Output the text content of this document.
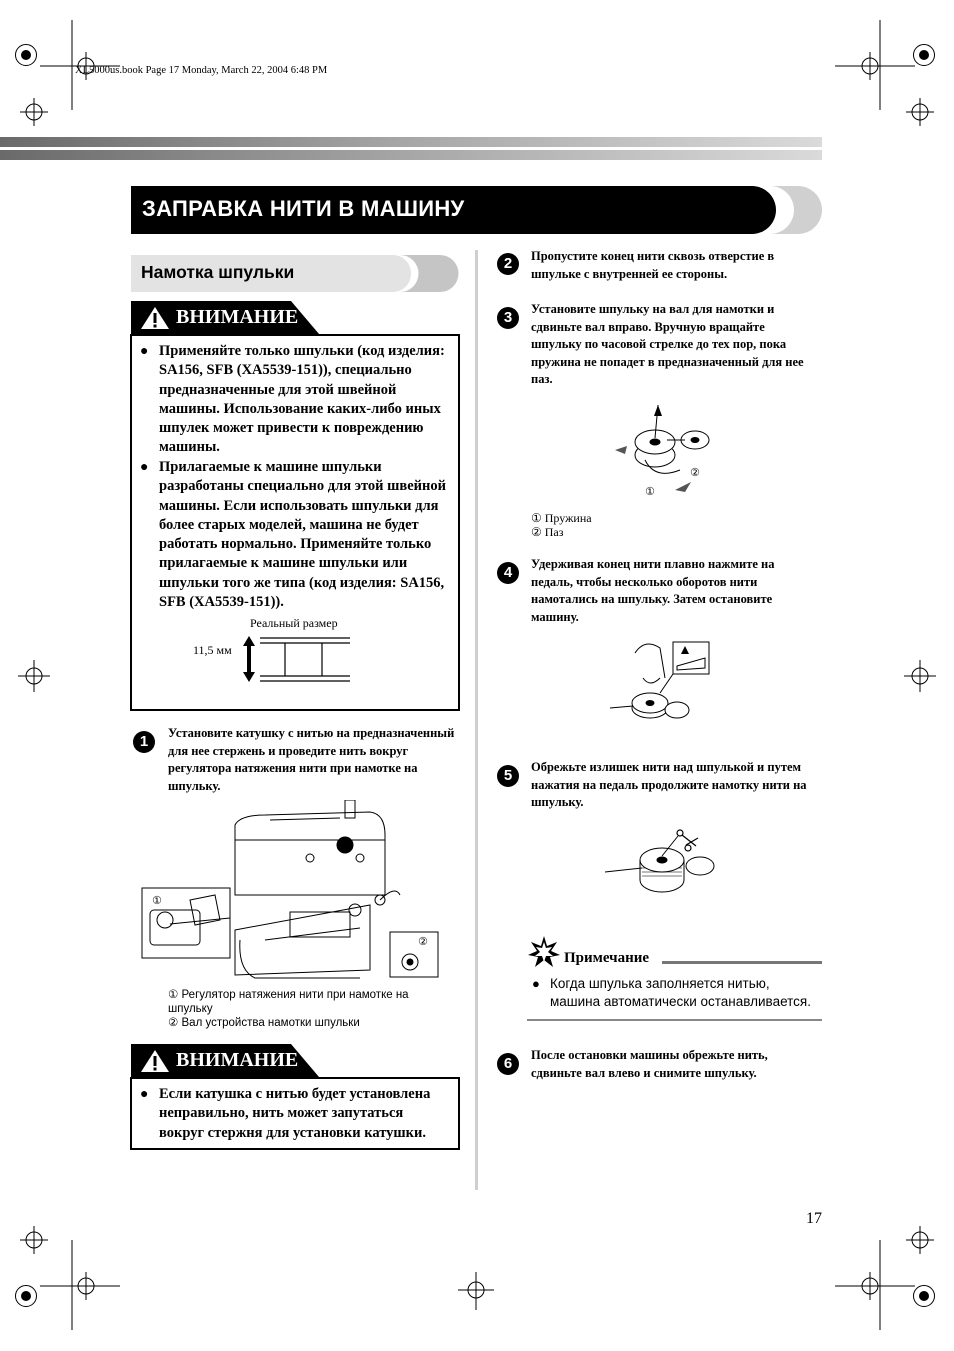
XL5000us.book Page 17 Monday, March 22, 2004 6:48 PM
ЗАПРАВКА НИТИ В МАШИНУ
Намотка шпульки
ВНИМАНИЕ
● Применяйте только шпульки (код изделия: SA156, SFB (XA5539-151)), специально предназначенные для этой швейной машины. Использование каких-либо иных шпулек может привести к повреждению машины.
● Прилагаемые к машине шпульки разработаны специально для этой швейной машины. Если использовать шпульки для более старых моделей, машина не будет работать нормально. Применяйте только прилагаемые к машине шпульки или шпульки того же типа (код изделия: SA156, SFB (XA5539-151)).
Реальный размер
11,5 мм
1	Установите катушку с нитью на предназначенный для нее стержень и проведите нить вокруг регулятора натяжения нити при намотке на шпульку.
①
②
① Регулятор натяжения нити при намотке на шпульку
② Вал устройства намотки шпульки
ВНИМАНИЕ
● Если катушка с нитью будет установлена неправильно, нить может запутаться вокруг стержня для установки катушки.
2	Пропустите конец нити сквозь отверстие в шпульке с внутренней ее стороны.
3	Установите шпульку на вал для намотки и сдвиньте вал вправо. Вручную вращайте шпульку по часовой стрелке до тех пор, пока пружина не попадет в предназначенный для нее паз.
①
②
① Пружина
② Паз
4	Удерживая конец нити плавно нажмите на педаль, чтобы несколько оборотов нити намотались на шпульку. Затем остановите машину.
5	Обрежьте излишек нити над шпулькой и путем нажатия на педаль продолжите намотку нити на шпульку.
Примечание
● Когда шпулька заполняется нитью, машина автоматически останавливается.
6	После остановки машины обрежьте нить, сдвиньте вал влево и снимите шпульку.
17
